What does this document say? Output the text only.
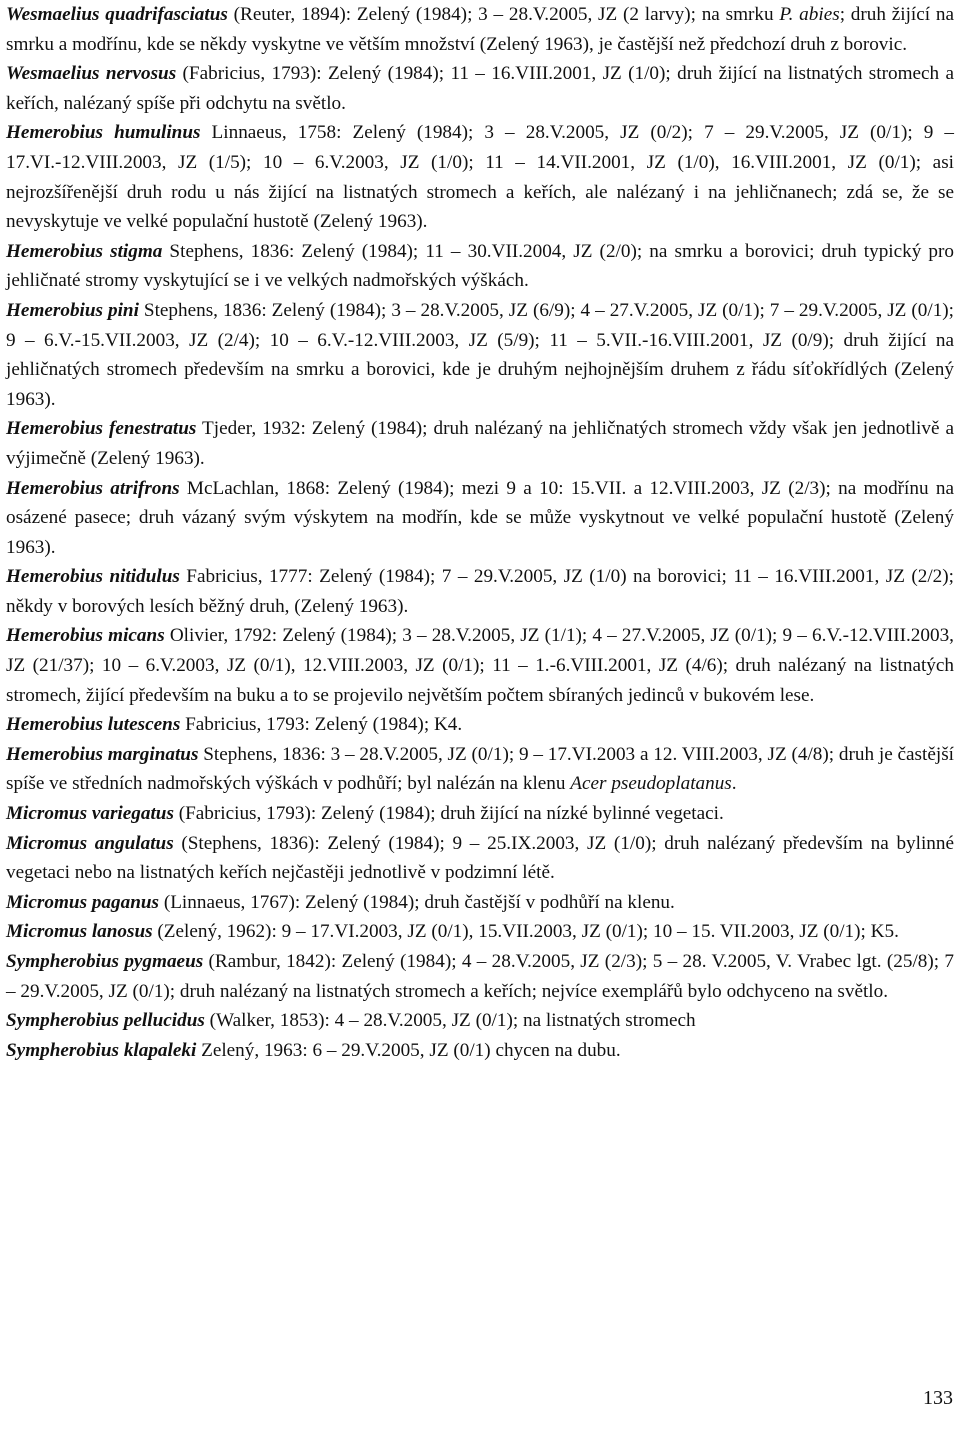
Wesmaelius quadrifasciatus (Reuter, 1894): Zelený (1984); 3 – 28.V.2005, JZ (2 larvy); na smrku P. abies; druh žijící na smrku a modřínu, kde se někdy vyskytne ve větším množství (Zelený 1963), je častější než předchozí druh z borovic.

Wesmaelius nervosus (Fabricius, 1793): Zelený (1984); 11 – 16.VIII.2001, JZ (1/0); druh žijící na listnatých stromech a keřích, nalézaný spíše při odchytu na světlo.

Hemerobius humulinus Linnaeus, 1758: Zelený (1984); 3 – 28.V.2005, JZ (0/2); 7 – 29.V.2005, JZ (0/1); 9 – 17.VI.-12.VIII.2003, JZ (1/5); 10 – 6.V.2003, JZ (1/0); 11 – 14.VII.2001, JZ (1/0), 16.VIII.2001, JZ (0/1); asi nejrozšířenější druh rodu u nás žijící na listnatých stromech a keřích, ale nalézaný i na jehličnanech; zdá se, že se nevyskytuje ve velké populační hustotě (Zelený 1963).

Hemerobius stigma Stephens, 1836: Zelený (1984); 11 – 30.VII.2004, JZ (2/0); na smrku a borovici; druh typický pro jehličnaté stromy vyskytující se i ve velkých nadmořských výškách.

Hemerobius pini Stephens, 1836: Zelený (1984); 3 – 28.V.2005, JZ (6/9); 4 – 27.V.2005, JZ (0/1); 7 – 29.V.2005, JZ (0/1); 9 – 6.V.-15.VII.2003, JZ (2/4); 10 – 6.V.-12.VIII.2003, JZ (5/9); 11 – 5.VII.-16.VIII.2001, JZ (0/9); druh žijící na jehličnatých stromech především na smrku a borovici, kde je druhým nejhojnějším druhem z řádu síťokřídlých (Zelený 1963).

Hemerobius fenestratus Tjeder, 1932: Zelený (1984); druh nalézaný na jehličnatých stromech vždy však jen jednotlivě a výjimečně (Zelený 1963).

Hemerobius atrifrons McLachlan, 1868: Zelený (1984); mezi 9 a 10: 15.VII. a 12.VIII.2003, JZ (2/3); na modřínu na osázené pasece; druh vázaný svým výskytem na modřín, kde se může vyskytnout ve velké populační hustotě (Zelený 1963).

Hemerobius nitidulus Fabricius, 1777: Zelený (1984); 7 – 29.V.2005, JZ (1/0) na borovici; 11 – 16.VIII.2001, JZ (2/2); někdy v borových lesích běžný druh, (Zelený 1963).

Hemerobius micans Olivier, 1792: Zelený (1984); 3 – 28.V.2005, JZ (1/1); 4 – 27.V.2005, JZ (0/1); 9 – 6.V.-12.VIII.2003, JZ (21/37); 10 – 6.V.2003, JZ (0/1), 12.VIII.2003, JZ (0/1); 11 – 1.-6.VIII.2001, JZ (4/6); druh nalézaný na listnatých stromech, žijící především na buku a to se projevilo největším počtem sbíraných jedinců v bukovém lese.

Hemerobius lutescens Fabricius, 1793: Zelený (1984); K4.

Hemerobius marginatus Stephens, 1836: 3 – 28.V.2005, JZ (0/1); 9 – 17.VI.2003 a 12. VIII.2003, JZ (4/8); druh je častější spíše ve středních nadmořských výškách v podhůří; byl nalézán na klenu Acer pseudoplatanus.

Micromus variegatus (Fabricius, 1793): Zelený (1984); druh žijící na nízké bylinné vegetaci.

Micromus angulatus (Stephens, 1836): Zelený (1984); 9 – 25.IX.2003, JZ (1/0); druh nalézaný především na bylinné vegetaci nebo na listnatých keřích nejčastěji jednotlivě v podzimní létě.

Micromus paganus (Linnaeus, 1767): Zelený (1984); druh častější v podhůří na klenu.

Micromus lanosus (Zelený, 1962): 9 – 17.VI.2003, JZ (0/1), 15.VII.2003, JZ (0/1); 10 – 15. VII.2003, JZ (0/1); K5.

Sympherobius pygmaeus (Rambur, 1842): Zelený (1984); 4 – 28.V.2005, JZ (2/3); 5 – 28. V.2005, V. Vrabec lgt. (25/8); 7 – 29.V.2005, JZ (0/1); druh nalézaný na listnatých stromech a keřích; nejvíce exemplářů bylo odchyceno na světlo.

Sympherobius pellucidus (Walker, 1853): 4 – 28.V.2005, JZ (0/1); na listnatých stromech

Sympherobius klapaleki Zelený, 1963: 6 – 29.V.2005, JZ (0/1) chycen na dubu.

133
